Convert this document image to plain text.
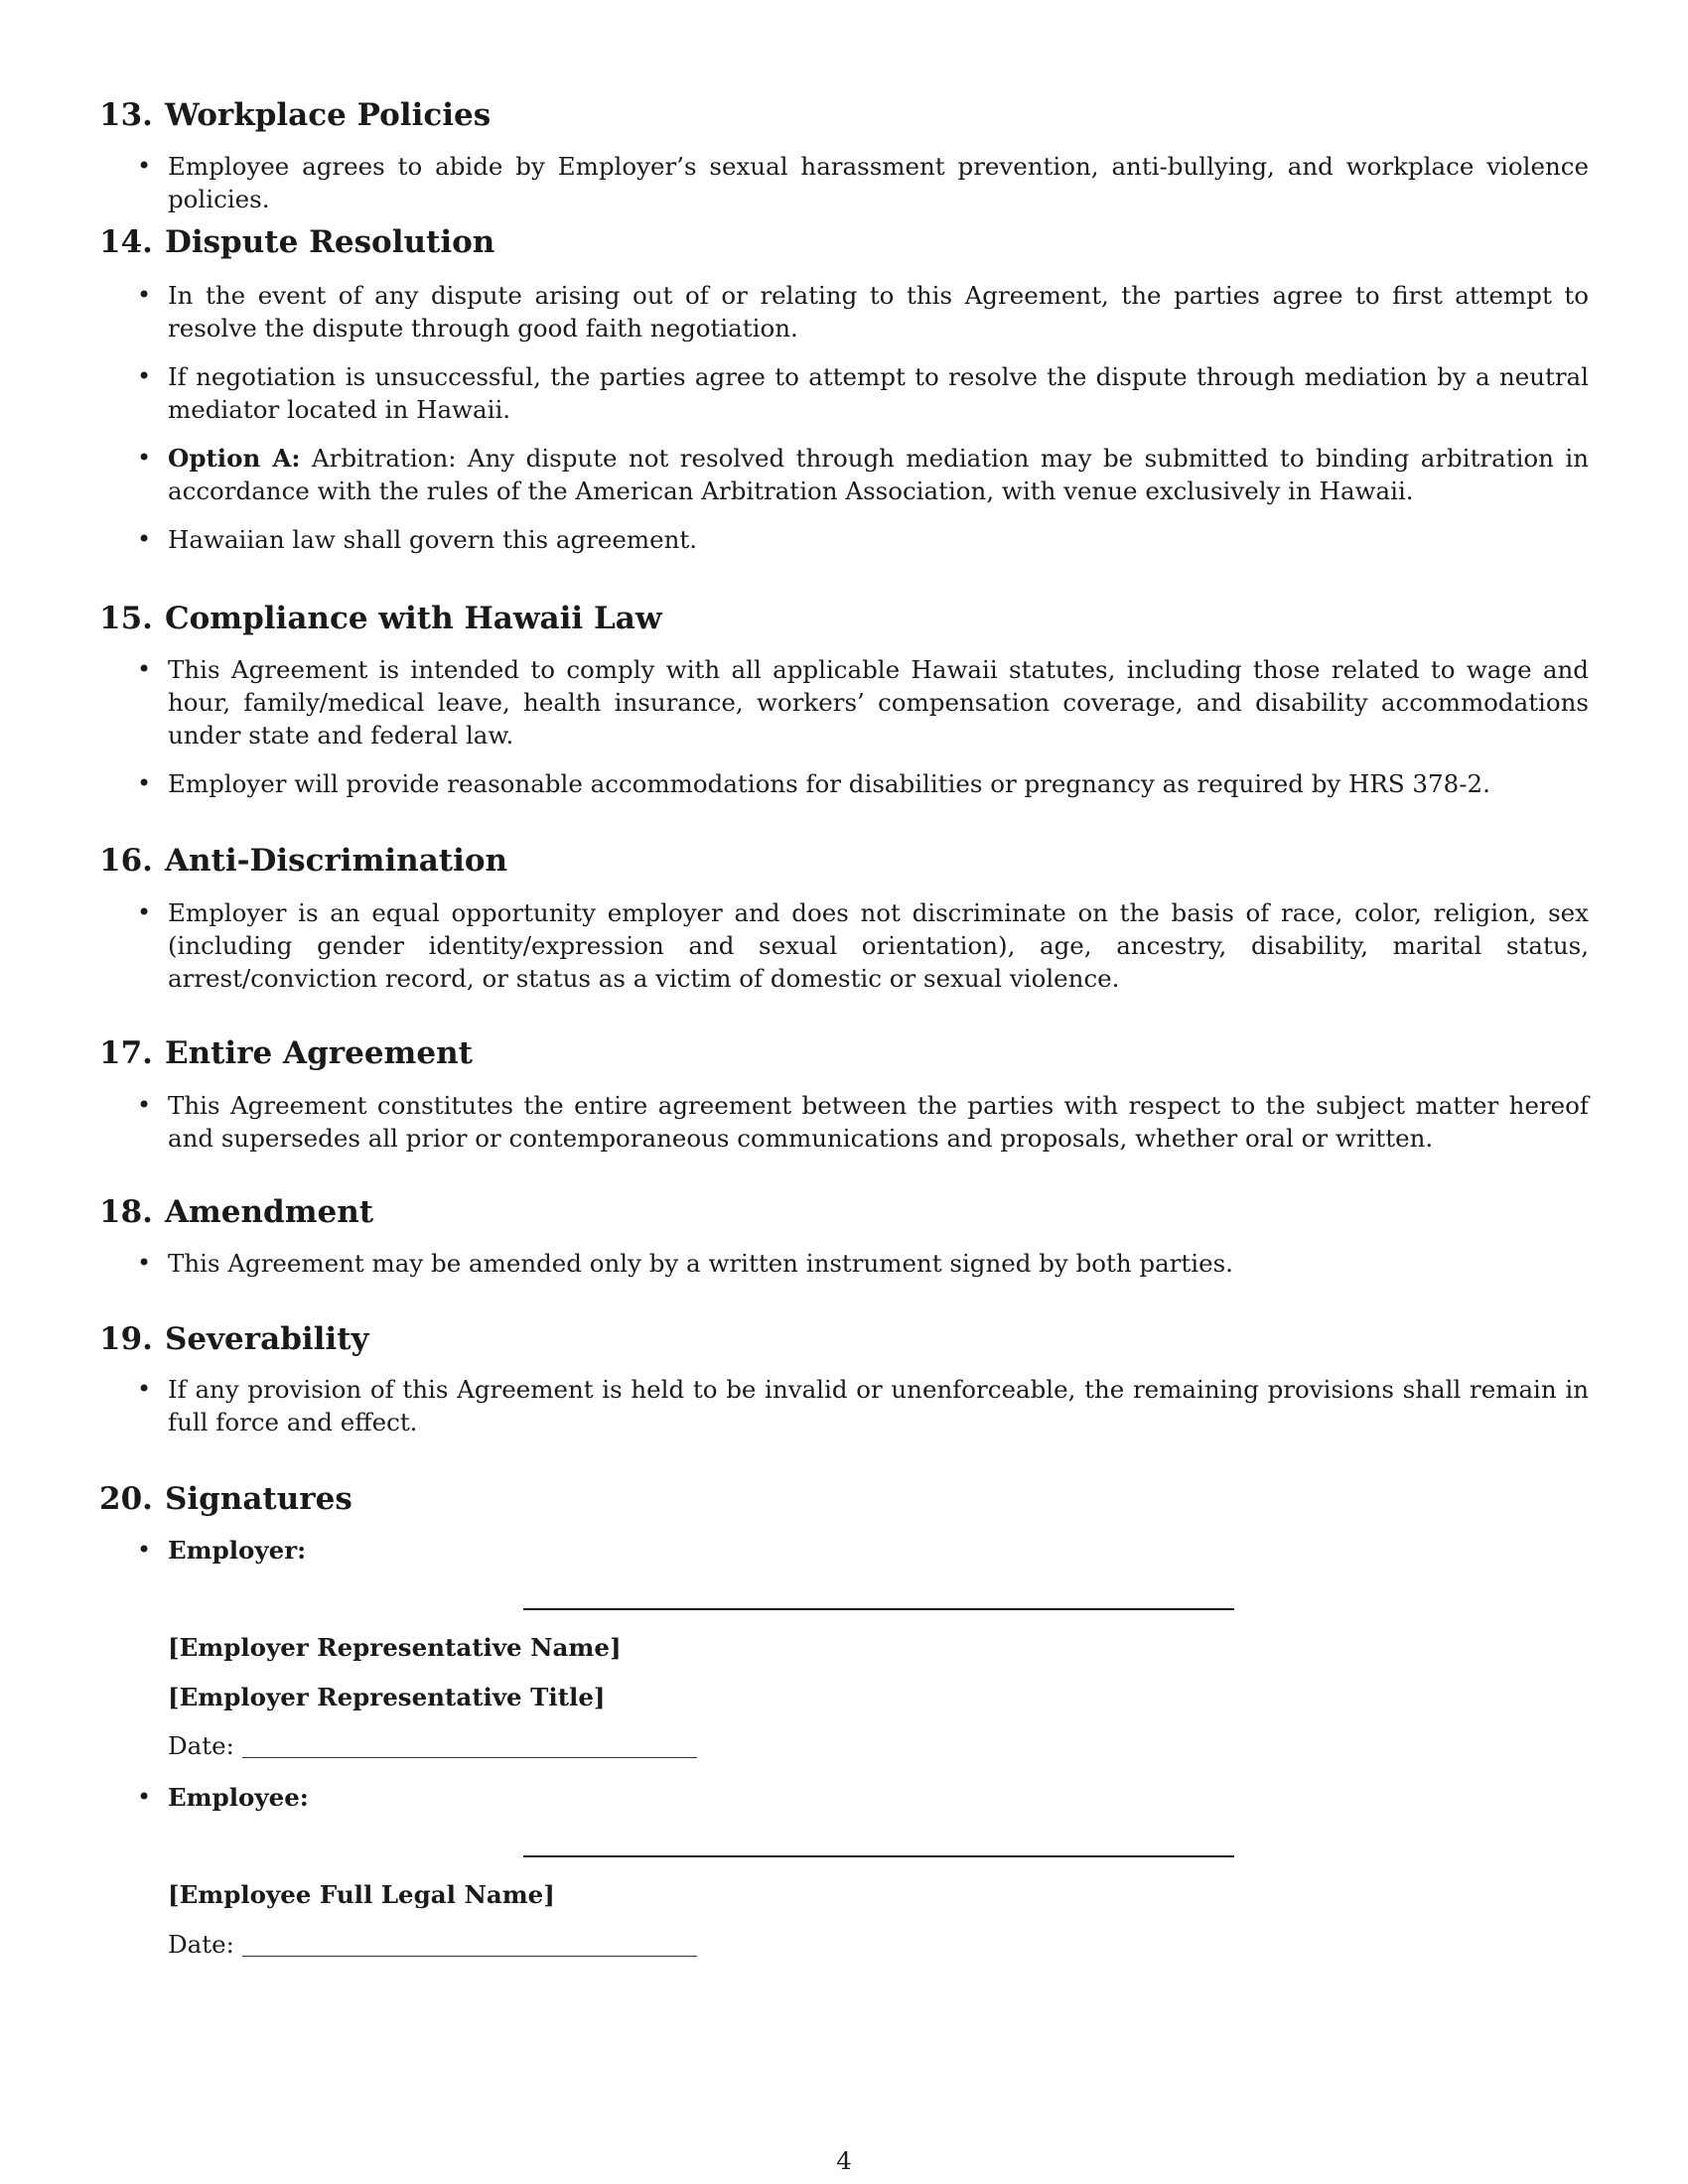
13. Workplace Policies
• Employee agrees to abide by Employer’s sexual harassment prevention, anti-bullying, and workplace violence policies.
14. Dispute Resolution
• In the event of any dispute arising out of or relating to this Agreement, the parties agree to first attempt to resolve the dispute through good faith negotiation.
• If negotiation is unsuccessful, the parties agree to attempt to resolve the dispute through mediation by a neutral mediator located in Hawaii.
• Option A: Arbitration: Any dispute not resolved through mediation may be submitted to binding arbitration in accordance with the rules of the American Arbitration Association, with venue exclusively in Hawaii.
• Hawaiian law shall govern this agreement.
15. Compliance with Hawaii Law
• This Agreement is intended to comply with all applicable Hawaii statutes, including those related to wage and hour, family/medical leave, health insurance, workers’ compensation coverage, and disability accommodations under state and federal law.
• Employer will provide reasonable accommodations for disabilities or pregnancy as required by HRS 378-2.
16. Anti-Discrimination
• Employer is an equal opportunity employer and does not discriminate on the basis of race, color, religion, sex (including gender identity/expression and sexual orientation), age, ancestry, disability, marital status, arrest/conviction record, or status as a victim of domestic or sexual violence.
17. Entire Agreement
• This Agreement constitutes the entire agreement between the parties with respect to the subject matter hereof and supersedes all prior or contemporaneous communications and proposals, whether oral or written.
18. Amendment
• This Agreement may be amended only by a written instrument signed by both parties.
19. Severability
• If any provision of this Agreement is held to be invalid or unenforceable, the remaining provisions shall remain in full force and effect.
20. Signatures
• Employer:
[Employer Representative Name]
[Employer Representative Title]
Date:
• Employee:
[Employee Full Legal Name]
Date:
4
